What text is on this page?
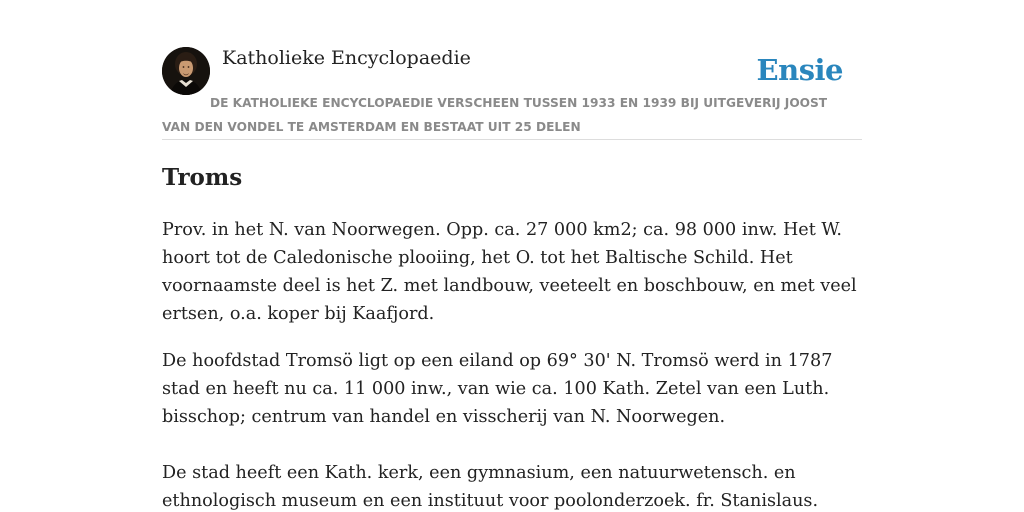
Katholieke Encyclopaedie	Ensie
DE KATHOLIEKE ENCYCLOPAEDIE VERSCHEEN TUSSEN 1933 EN 1939 BIJ UITGEVERIJ JOOST VAN DEN VONDEL TE AMSTERDAM EN BESTAAT UIT 25 DELEN
Troms

Prov. in het N. van Noorwegen. Opp. ca. 27 000 km2; ca. 98 000 inw. Het W. hoort tot de Caledonische plooiing, het O. tot het Baltische Schild. Het voornaamste deel is het Z. met landbouw, veeteelt en boschbouw, en met veel ertsen, o.a. koper bij Kaafjord.

De hoofdstad Tromsö ligt op een eiland op 69° 30' N. Tromsö werd in 1787 stad en heeft nu ca. 11 000 inw., van wie ca. 100 Kath. Zetel van een Luth. bisschop; centrum van handel en visscherij van N. Noorwegen.

De stad heeft een Kath. kerk, een gymnasium, een natuurwetensch. en ethnologisch museum en een instituut voor poolonderzoek. fr. Stanislaus.
